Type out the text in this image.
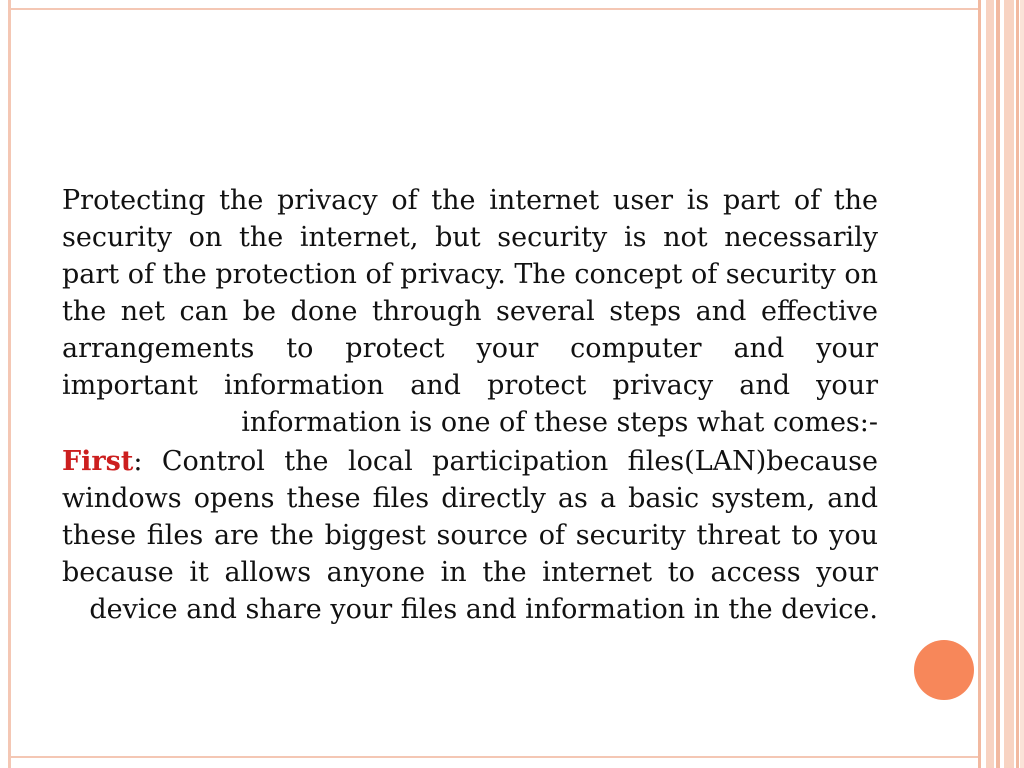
Protecting the privacy of the internet user is part of the security on the internet, but security is not necessarily part of the protection of privacy. The concept of security on the net can be done through several steps and effective arrangements to protect your computer and your important information and protect privacy and your information is one of these steps what comes:-

First: Control the local participation files(LAN)because windows opens these files directly as a basic system, and these files are the biggest source of security threat to you because it allows anyone in the internet to access your device and share your files and information in the device.
